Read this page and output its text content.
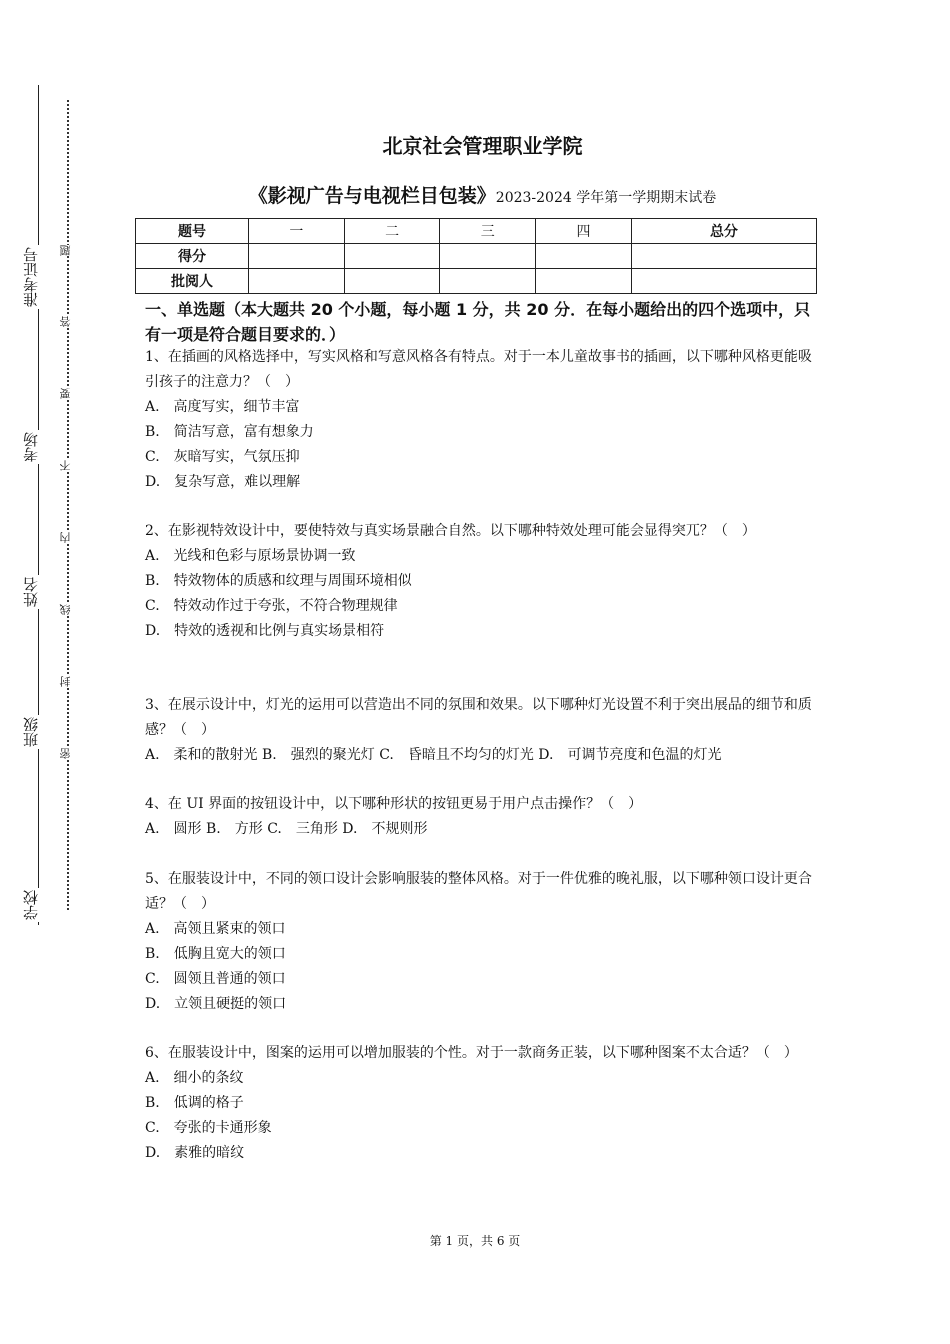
准考证号
考场
姓名
班级
学校
题
答
要
不
内
线
封
密
北京社会管理职业学院
《影视广告与电视栏目包装》2023-2024 学年第一学期期末试卷
题号	一	二	三	四	总分
得分					
批阅人					
一、单选题（本大题共 20 个小题，每小题 1 分，共 20 分．在每小题给出的四个选项中，只有一项是符合题目要求的．）
1、在插画的风格选择中，写实风格和写意风格各有特点。对于一本儿童故事书的插画，以下哪种风格更能吸引孩子的注意力？（　）
A.　高度写实，细节丰富
B.　简洁写意，富有想象力
C.　灰暗写实，气氛压抑
D.　复杂写意，难以理解
2、在影视特效设计中，要使特效与真实场景融合自然。以下哪种特效处理可能会显得突兀？（　）
A.　光线和色彩与原场景协调一致
B.　特效物体的质感和纹理与周围环境相似
C.　特效动作过于夸张，不符合物理规律
D.　特效的透视和比例与真实场景相符
3、在展示设计中，灯光的运用可以营造出不同的氛围和效果。以下哪种灯光设置不利于突出展品的细节和质感？（　）
A.　柔和的散射光 B.　强烈的聚光灯 C.　昏暗且不均匀的灯光 D.　可调节亮度和色温的灯光
4、在 UI 界面的按钮设计中，以下哪种形状的按钮更易于用户点击操作？（　）
A.　圆形 B.　方形 C.　三角形 D.　不规则形
5、在服装设计中，不同的领口设计会影响服装的整体风格。对于一件优雅的晚礼服，以下哪种领口设计更合适？（　）
A.　高领且紧束的领口
B.　低胸且宽大的领口
C.　圆领且普通的领口
D.　立领且硬挺的领口
6、在服装设计中，图案的运用可以增加服装的个性。对于一款商务正装，以下哪种图案不太合适？（　）
A.　细小的条纹
B.　低调的格子
C.　夸张的卡通形象
D.　素雅的暗纹
第 1 页，共 6 页
